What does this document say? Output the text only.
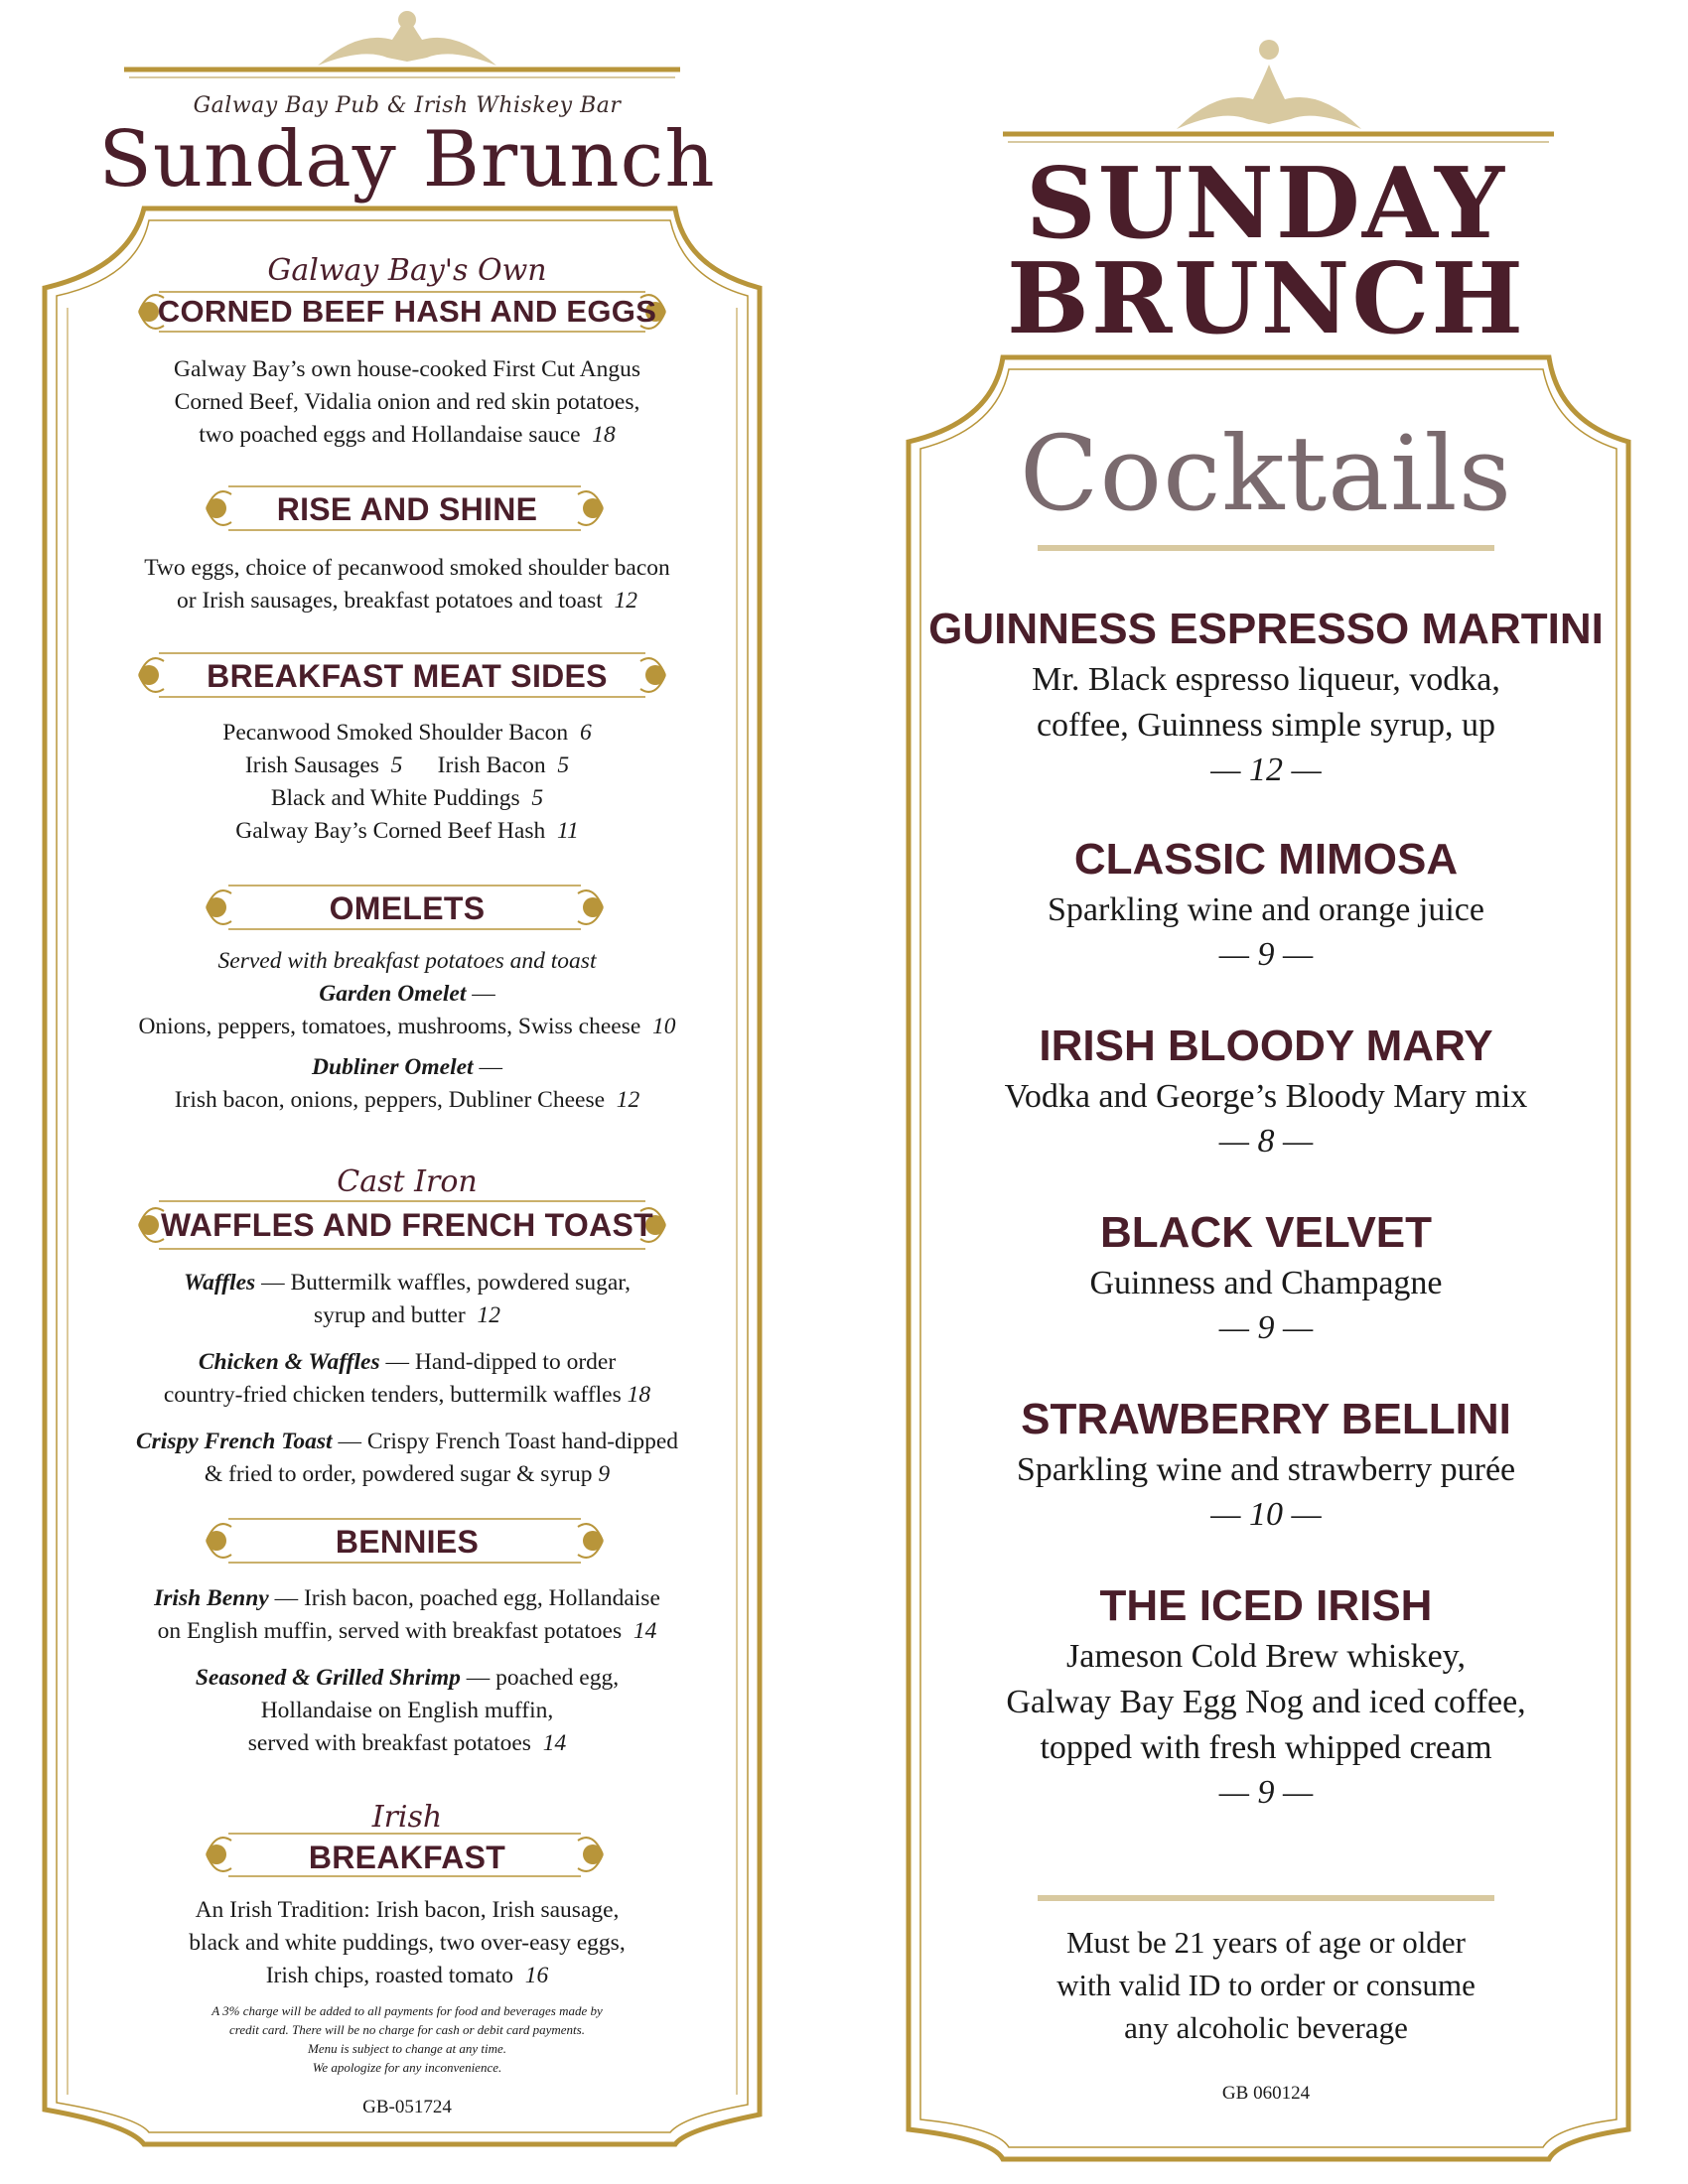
Galway Bay Pub & Irish Whiskey Bar
Sunday Brunch
Galway Bay's Own
CORNED BEEF HASH AND EGGS
Galway Bay’s own house-cooked First Cut Angus
Corned Beef, Vidalia onion and red skin potatoes,
two poached eggs and Hollandaise sauce 18
RISE AND SHINE
Two eggs, choice of pecanwood smoked shoulder bacon
or Irish sausages, breakfast potatoes and toast 12
BREAKFAST MEAT SIDES
Pecanwood Smoked Shoulder Bacon 6
Irish Sausages 5 Irish Bacon 5
Black and White Puddings 5
Galway Bay’s Corned Beef Hash 11
OMELETS
Served with breakfast potatoes and toast
Garden Omelet —
Onions, peppers, tomatoes, mushrooms, Swiss cheese 10
Dubliner Omelet —
Irish bacon, onions, peppers, Dubliner Cheese 12
Cast Iron
WAFFLES AND FRENCH TOAST
Waffles — Buttermilk waffles, powdered sugar,
syrup and butter 12
Chicken & Waffles — Hand-dipped to order
country-fried chicken tenders, buttermilk waffles 18
Crispy French Toast — Crispy French Toast hand-dipped
& fried to order, powdered sugar & syrup 9
BENNIES
Irish Benny — Irish bacon, poached egg, Hollandaise
on English muffin, served with breakfast potatoes 14
Seasoned & Grilled Shrimp — poached egg,
Hollandaise on English muffin,
served with breakfast potatoes 14
Irish
BREAKFAST
An Irish Tradition: Irish bacon, Irish sausage,
black and white puddings, two over-easy eggs,
Irish chips, roasted tomato 16
A 3% charge will be added to all payments for food and beverages made by
credit card. There will be no charge for cash or debit card payments.
Menu is subject to change at any time.
We apologize for any inconvenience.
GB-051724
SUNDAY
BRUNCH
Cocktails
GUINNESS ESPRESSO MARTINI
Mr. Black espresso liqueur, vodka,
coffee, Guinness simple syrup, up
— 12 —
CLASSIC MIMOSA
Sparkling wine and orange juice
— 9 —
IRISH BLOODY MARY
Vodka and George’s Bloody Mary mix
— 8 —
BLACK VELVET
Guinness and Champagne
— 9 —
STRAWBERRY BELLINI
Sparkling wine and strawberry purée
— 10 —
THE ICED IRISH
Jameson Cold Brew whiskey,
Galway Bay Egg Nog and iced coffee,
topped with fresh whipped cream
— 9 —
Must be 21 years of age or older
with valid ID to order or consume
any alcoholic beverage
GB 060124
